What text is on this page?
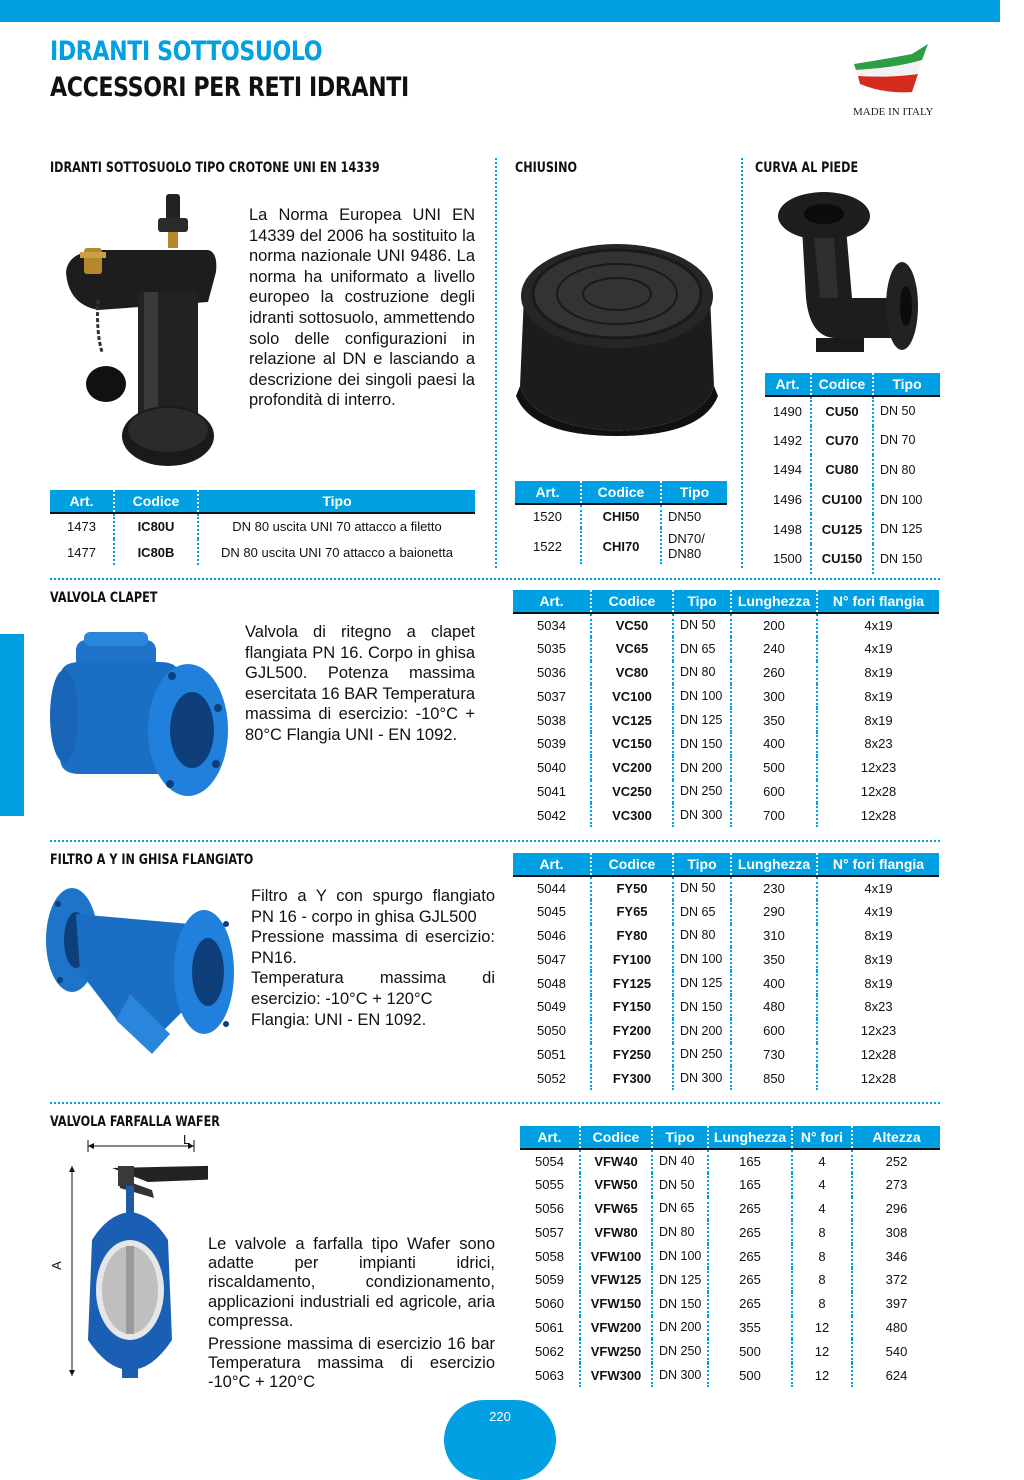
IDRANTI SOTTOSUOLO
ACCESSORI PER RETI IDRANTI
MADE IN ITALY
IDRANTI SOTTOSUOLO TIPO CROTONE UNI EN 14339	CHIUSINO	CURVA AL PIEDE
VALVOLA CLAPET
FILTRO A Y IN GHISA FLANGIATO
VALVOLA FARFALLA WAFER
La Norma Europea UNI EN 14339 del 2006 ha sostituito la norma nazionale UNI 9486. La norma ha uniformato a livello europeo la costruzione degli idranti sottosuolo, ammettendo solo delle configurazioni in relazione al DN e lasciando a descrizione dei singoli paesi la profondità di interro.
Art.	Codice	Tipo
1473	IC80U	DN 80 uscita UNI 70 attacco a filetto
1477	IC80B	DN 80 uscita UNI 70 attacco a baionetta
Art.	Codice	Tipo
1520	CHI50	DN50
1522	CHI70	DN70/
DN80
Art.	Codice	Tipo
1490	CU50	DN 50
1492	CU70	DN 70
1494	CU80	DN 80
1496	CU100	DN 100
1498	CU125	DN 125
1500	CU150	DN 150
Valvola di ritegno a clapet flangiata PN 16. Corpo in ghisa GJL500. Potenza massima esercitata 16 BAR Temperatura massima di esercizio: -10°C + 80°C Flangia UNI - EN 1092.
Art.	Codice	Tipo	Lunghezza	N° fori flangia
5034	VC50	DN 50	200	4x19
5035	VC65	DN 65	240	4x19
5036	VC80	DN 80	260	8x19
5037	VC100	DN 100	300	8x19
5038	VC125	DN 125	350	8x19
5039	VC150	DN 150	400	8x23
5040	VC200	DN 200	500	12x23
5041	VC250	DN 250	600	12x28
5042	VC300	DN 300	700	12x28

Filtro a Y con spurgo flangiato PN 16 - corpo in ghisa GJL500

Pressione massima di esercizio: PN16.

Temperatura massima di esercizio: -10°C + 120°C

Flangia: UNI - EN 1092.

Art.	Codice	Tipo	Lunghezza	N° fori flangia
5044	FY50	DN 50	230	4x19
5045	FY65	DN 65	290	4x19
5046	FY80	DN 80	310	8x19
5047	FY100	DN 100	350	8x19
5048	FY125	DN 125	400	8x19
5049	FY150	DN 150	480	8x23
5050	FY200	DN 200	600	12x23
5051	FY250	DN 250	730	12x28
5052	FY300	DN 300	850	12x28
L
A

Le valvole a farfalla tipo Wafer sono adatte per impianti idrici, riscaldamento, condizionamento, applicazioni industriali ed agricole, aria compressa.

Pressione massima di esercizio 16 bar Temperatura massima di esercizio -10°C + 120°C

Art.	Codice	Tipo	Lunghezza	N° fori	Altezza
5054	VFW40	DN 40	165	4	252
5055	VFW50	DN 50	165	4	273
5056	VFW65	DN 65	265	4	296
5057	VFW80	DN 80	265	8	308
5058	VFW100	DN 100	265	8	346
5059	VFW125	DN 125	265	8	372
5060	VFW150	DN 150	265	8	397
5061	VFW200	DN 200	355	12	480
5062	VFW250	DN 250	500	12	540
5063	VFW300	DN 300	500	12	624
220
